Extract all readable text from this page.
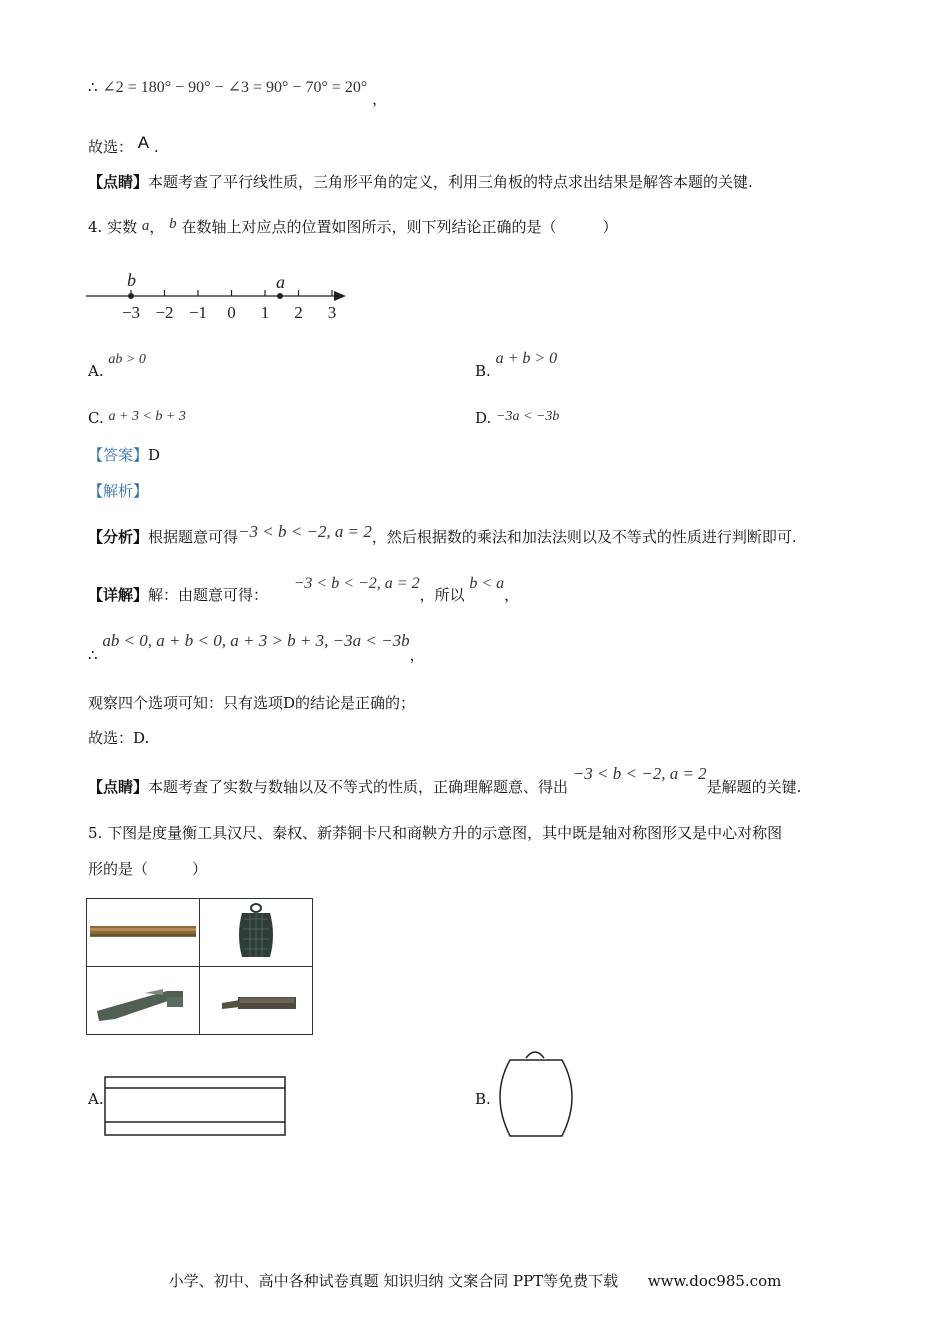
∴ ∠2 = 180° − 90° − ∠3 = 90° − 70° = 20° ，
故选： A .
【点睛】本题考查了平行线性质，三角形平角的定义，利用三角板的特点求出结果是解答本题的关键.
4. 实数 a， b 在数轴上对应点的位置如图所示，则下列结论正确的是（	）
−3 −2 −1 0 1 2 3
b	a
A. ab > 0
B. a + b > 0
C. a + 3 < b + 3	D. −3a < −3b
【答案】D
【解析】
【分析】根据题意可得−3 < b < −2, a = 2，然后根据数的乘法和加法法则以及不等式的性质进行判断即可.
【详解】解：由题意可得：  −3 < b < −2, a = 2，所以 b < a，
∴ ab < 0, a + b < 0, a + 3 > b + 3, −3a < −3b，
观察四个选项可知：只有选项D的结论是正确的；
故选：D.
【点睛】本题考查了实数与数轴以及不等式的性质，正确理解题意、得出 −3 < b < −2, a = 2是解题的关键.
5. 下图是度量衡工具汉尺、秦权、新莽铜卡尺和商鞅方升的示意图，其中既是轴对称图形又是中心对称图
形的是（	）

A.	B.
小学、初中、高中各种试卷真题 知识归纳 文案合同 PPT等免费下载 www.doc985.com
